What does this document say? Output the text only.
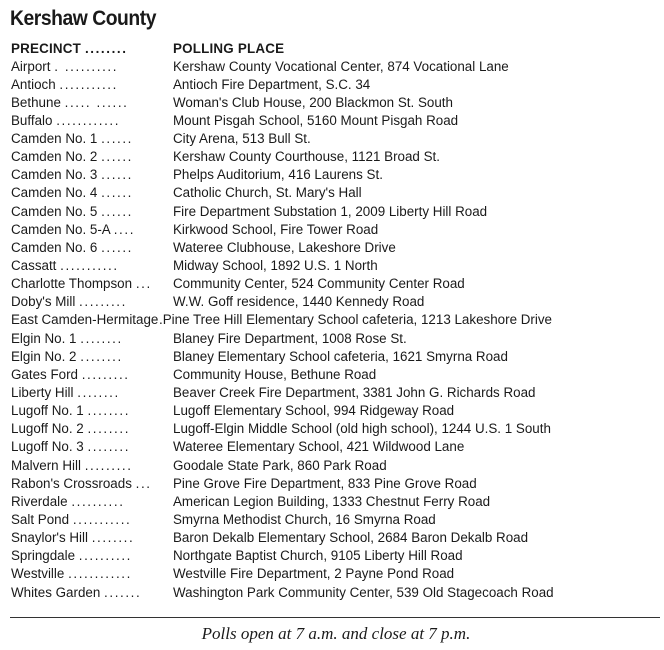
Kershaw County
PRECINCT ........	POLLING PLACE
Airport . ..........	Kershaw County Vocational Center, 874 Vocational Lane
Antioch ...........	Antioch Fire Department, S.C. 34
Bethune ..... ......	Woman's Club House, 200 Blackmon St. South
Buffalo ............	Mount Pisgah School, 5160 Mount Pisgah Road
Camden No. 1 ......	City Arena, 513 Bull St.
Camden No. 2 ......	Kershaw County Courthouse, 1121 Broad St.
Camden No. 3 ......	Phelps Auditorium, 416 Laurens St.
Camden No. 4 ......	Catholic Church, St. Mary's Hall
Camden No. 5 ......	Fire Department Substation 1, 2009 Liberty Hill Road
Camden No. 5-A ....	Kirkwood School, Fire Tower Road
Camden No. 6 ......	Wateree Clubhouse, Lakeshore Drive
Cassatt ...........	Midway School, 1892 U.S. 1 North
Charlotte Thompson ...	Community Center, 524 Community Center Road
Doby's Mill .........	W.W. Goff residence, 1440 Kennedy Road
East Camden-Hermitage .Pine Tree Hill Elementary School cafeteria, 1213 Lakeshore Drive
Elgin No. 1 ........	Blaney Fire Department, 1008 Rose St.
Elgin No. 2 ........	Blaney Elementary School cafeteria, 1621 Smyrna Road
Gates Ford .........	Community House, Bethune Road
Liberty Hill ........	Beaver Creek Fire Department, 3381 John G. Richards Road
Lugoff No. 1 ........	Lugoff Elementary School, 994 Ridgeway Road
Lugoff No. 2 ........	Lugoff-Elgin Middle School (old high school), 1244 U.S. 1 South
Lugoff No. 3 ........	Wateree Elementary School, 421 Wildwood Lane
Malvern Hill .........	Goodale State Park, 860 Park Road
Rabon's Crossroads ...	Pine Grove Fire Department, 833 Pine Grove Road
Riverdale ..........	American Legion Building, 1333 Chestnut Ferry Road
Salt Pond ...........	Smyrna Methodist Church, 16 Smyrna Road
Snaylor's Hill ........	Baron Dekalb Elementary School, 2684 Baron Dekalb Road
Springdale ..........	Northgate Baptist Church, 9105 Liberty Hill Road
Westville ............	Westville Fire Department, 2 Payne Pond Road
Whites Garden .......	Washington Park Community Center, 539 Old Stagecoach Road
Polls open at 7 a.m. and close at 7 p.m.
